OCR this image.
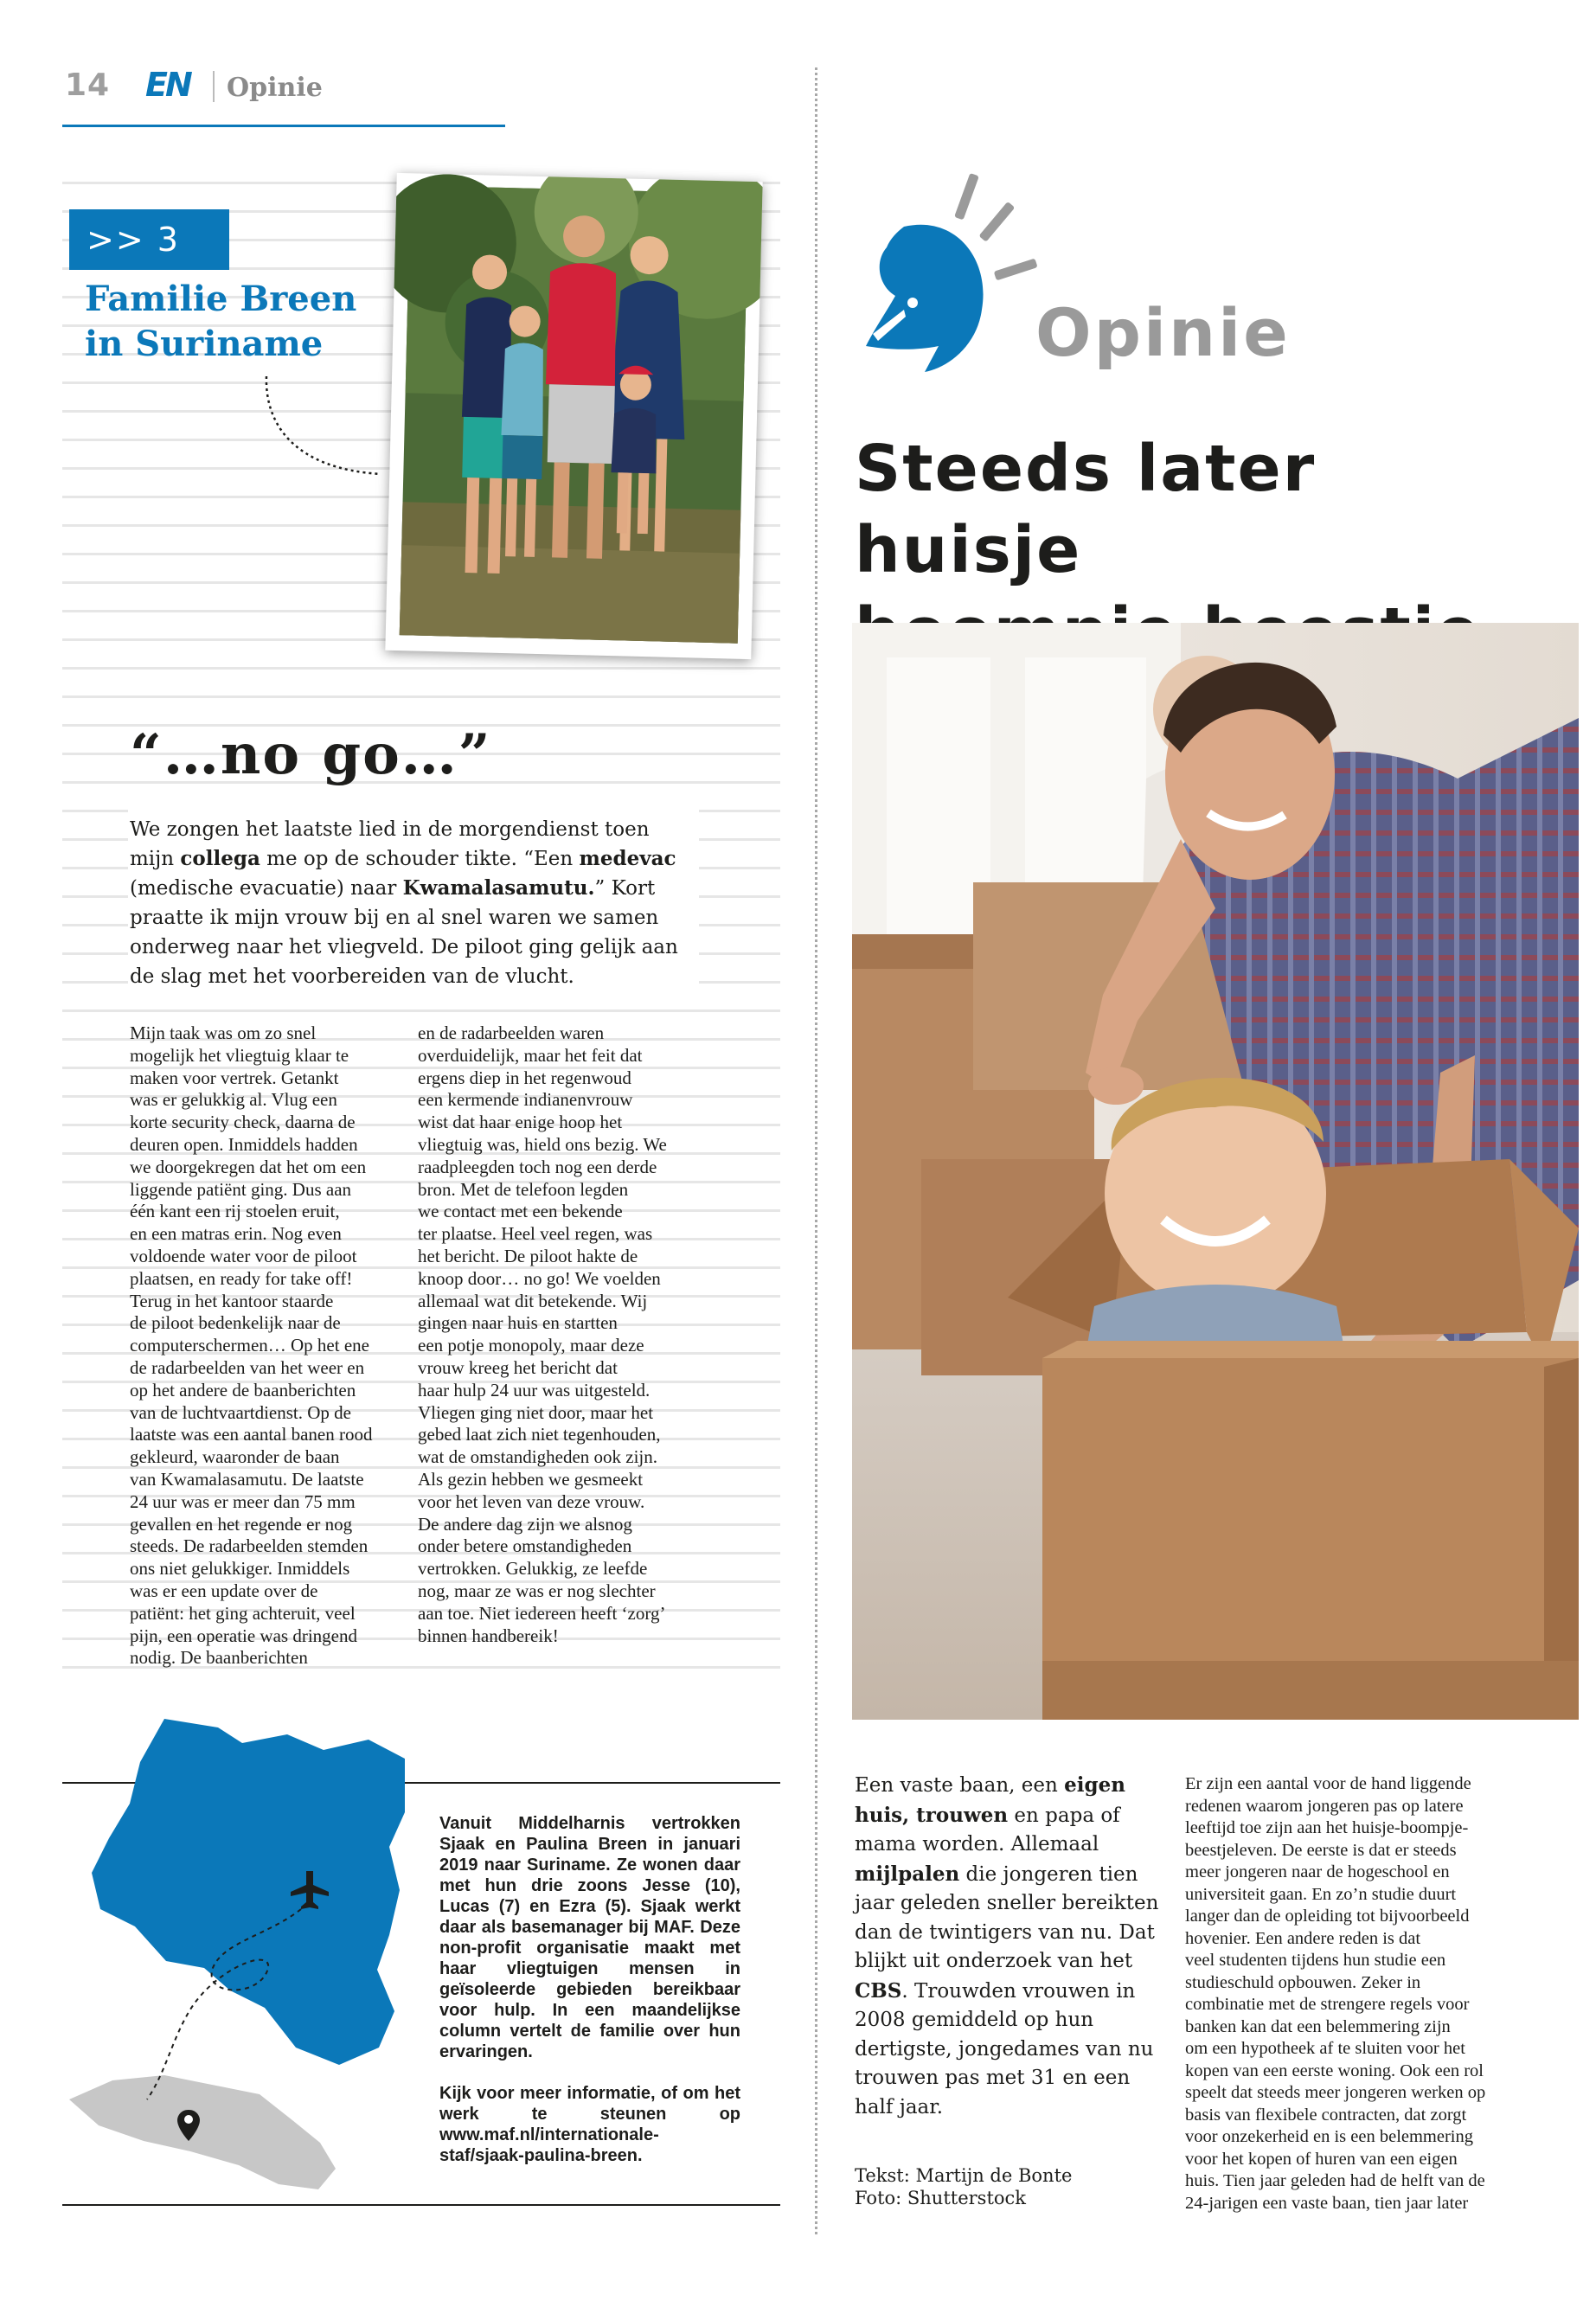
14 EN Opinie
>> 3
Familie Breen
in Suriname
“…no go…”
We zongen het laatste lied in de morgendienst toen mijn collega me op de schouder tikte. “Een medevac (medische evacuatie) naar Kwamalasamutu.” Kort praatte ik mijn vrouw bij en al snel waren we samen onderweg naar het vliegveld. De piloot ging gelijk aan de slag met het voorbereiden van de vlucht.
Mijn taak was om zo snel
mogelijk het vliegtuig klaar te
maken voor vertrek. Getankt
was er gelukkig al. Vlug een
korte security check, daarna de
deuren open. Inmiddels hadden
we doorgekregen dat het om een
liggende patiënt ging. Dus aan
één kant een rij stoelen eruit,
en een matras erin. Nog even
voldoende water voor de piloot
plaatsen, en ready for take off!
Terug in het kantoor staarde
de piloot bedenkelijk naar de
computerschermen… Op het ene
de radarbeelden van het weer en
op het andere de baanberichten
van de luchtvaartdienst. Op de
laatste was een aantal banen rood
gekleurd, waaronder de baan
van Kwamalasamutu. De laatste
24 uur was er meer dan 75 mm
gevallen en het regende er nog
steeds. De radarbeelden stemden
ons niet gelukkiger. Inmiddels
was er een update over de
patiënt: het ging achteruit, veel
pijn, een operatie was dringend
nodig. De baanberichten
en de radarbeelden waren
overduidelijk, maar het feit dat
ergens diep in het regenwoud
een kermende indianenvrouw
wist dat haar enige hoop het
vliegtuig was, hield ons bezig. We
raadpleegden toch nog een derde
bron. Met de telefoon legden
we contact met een bekende
ter plaatse. Heel veel regen, was
het bericht. De piloot hakte de
knoop door… no go! We voelden
allemaal wat dit betekende. Wij
gingen naar huis en startten
een potje monopoly, maar deze
vrouw kreeg het bericht dat
haar hulp 24 uur was uitgesteld.
Vliegen ging niet door, maar het
gebed laat zich niet tegenhouden,
wat de omstandigheden ook zijn.
Als gezin hebben we gesmeekt
voor het leven van deze vrouw.
De andere dag zijn we alsnog
onder betere omstandigheden
vertrokken. Gelukkig, ze leefde
nog, maar ze was er nog slechter
aan toe. Niet iedereen heeft ‘zorg’
binnen handbereik!

Vanuit Middelharnis vertrokken Sjaak en Paulina Breen in januari 2019 naar Suriname. Ze wonen daar met hun drie zoons Jesse (10), Lucas (7) en Ezra (5). Sjaak werkt daar als basemanager bij MAF. Deze non-profit organisatie maakt met haar vliegtuigen mensen in geïsoleerde gebieden bereikbaar voor hulp. In een maandelijkse column vertelt de familie over hun ervaringen.

Kijk voor meer informatie, of om het werk te steunen op www.maf.nl/internationale-staf/sjaak-paulina-breen.

Opinie
Steeds later huisje
Een vaste baan, een eigen huis, trouwen en papa of mama worden. Allemaal mijlpalen die jongeren tien jaar geleden sneller bereikten dan de twintigers van nu. Dat blijkt uit onderzoek van het CBS. Trouwden vrouwen in 2008 gemiddeld op hun dertigste, jongedames van nu trouwen pas met 31 en een half jaar.
Tekst: Martijn de Bonte
Foto: Shutterstock
Er zijn een aantal voor de hand liggende
redenen waarom jongeren pas op latere
leeftijd toe zijn aan het huisje-boompje-
beestjeleven. De eerste is dat er steeds
meer jongeren naar de hogeschool en
universiteit gaan. En zo’n studie duurt
langer dan de opleiding tot bijvoorbeeld
hovenier. Een andere reden is dat
veel studenten tijdens hun studie een
studieschuld opbouwen. Zeker in
combinatie met de strengere regels voor
banken kan dat een belemmering zijn
om een hypotheek af te sluiten voor het
kopen van een eerste woning. Ook een rol
speelt dat steeds meer jongeren werken op
basis van flexibele contracten, dat zorgt
voor onzekerheid en is een belemmering
voor het kopen of huren van een eigen
huis. Tien jaar geleden had de helft van de
24-jarigen een vaste baan, tien jaar later
